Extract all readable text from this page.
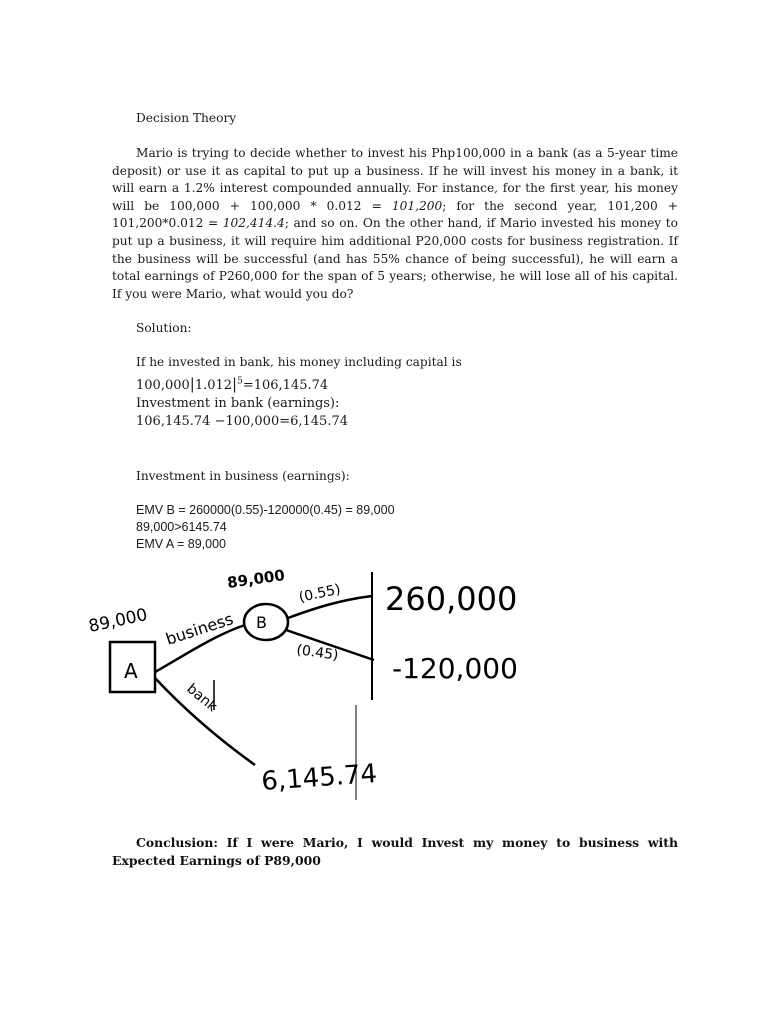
Decision Theory
Mario is trying to decide whether to invest his Php100,000 in a bank (as a 5-year time deposit) or use it as capital to put up a business. If he will invest his money in a bank, it will earn a 1.2% interest compounded annually. For instance, for the first year, his money will be 100,000 + 100,000 * 0.012 = 101,200; for the second year, 101,200 + 101,200*0.012 = 102,414.4; and so on. On the other hand, if Mario invested his money to put up a business, it will require him additional P20,000 costs for business registration. If the business will be successful (and has 55% chance of being successful), he will earn a total earnings of P260,000 for the span of 5 years; otherwise, he will lose all of his capital. If you were Mario, what would you do?
Solution:
If he invested in bank, his money including capital is
$100,000|1.012|^5=106,145.74$
Investment in bank (earnings):
106,145.74 −100,000=6,145.74
Investment in business (earnings):
EMV B = 260000(0.55)-120000(0.45) = 89,000
89,000>6145.74
EMV A = 89,000
A
89,000 business B
89,000
(0.55)
(0.45)
260,000
-120,000
bank
6,145.74
Conclusion: If I were Mario, I would Invest my money to business with Expected Earnings of P89,000
